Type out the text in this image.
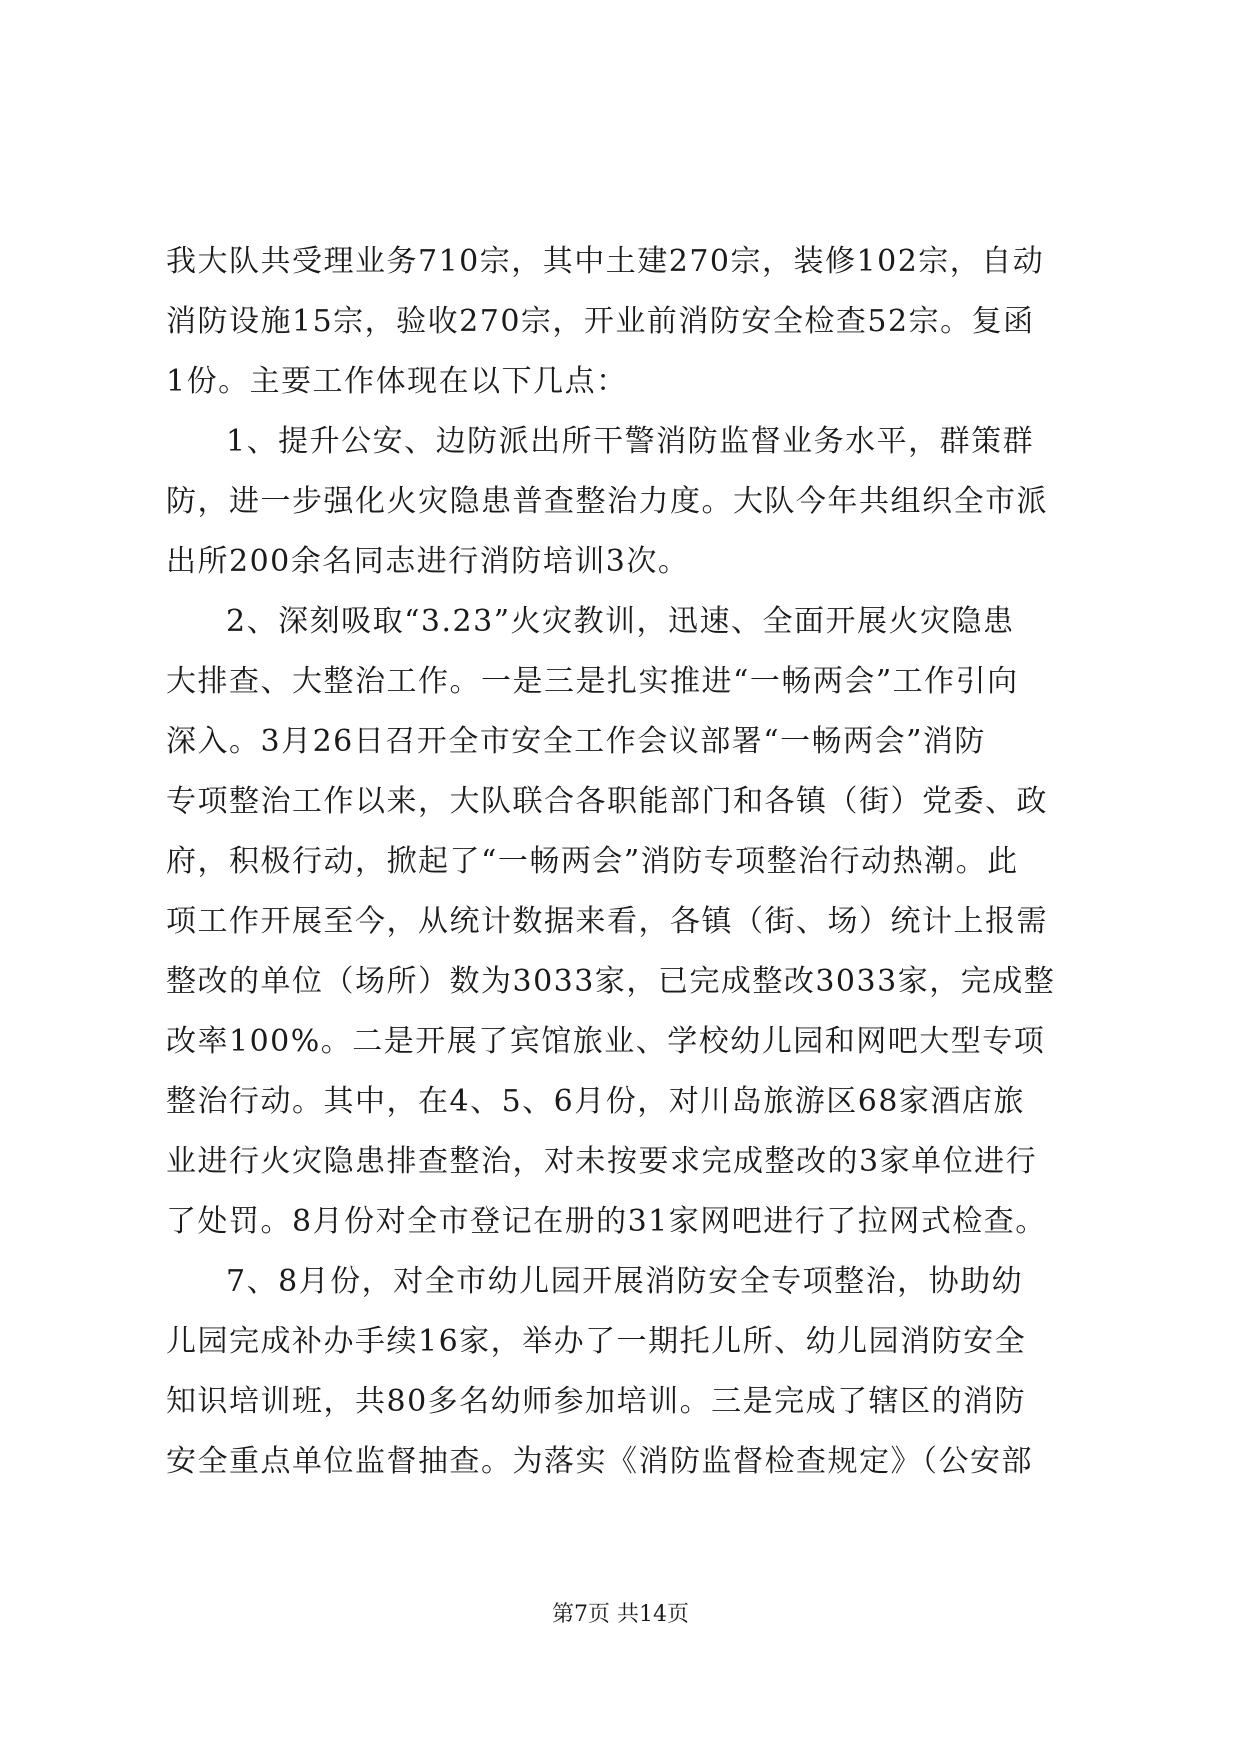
我大队共受理业务710宗，其中土建270宗，装修102宗，自动
消防设施15宗，验收270宗，开业前消防安全检查52宗。复函
1份。主要工作体现在以下几点：
1、提升公安、边防派出所干警消防监督业务水平，群策群
防，进一步强化火灾隐患普查整治力度。大队今年共组织全市派
出所200余名同志进行消防培训3次。
2、深刻吸取“3.23”火灾教训，迅速、全面开展火灾隐患
大排查、大整治工作。一是三是扎实推进“一畅两会”工作引向
深入。3月26日召开全市安全工作会议部署“一畅两会”消防
专项整治工作以来，大队联合各职能部门和各镇（街）党委、政
府，积极行动，掀起了“一畅两会”消防专项整治行动热潮。此
项工作开展至今，从统计数据来看，各镇（街、场）统计上报需
整改的单位（场所）数为3033家，已完成整改3033家，完成整
改率100%。二是开展了宾馆旅业、学校幼儿园和网吧大型专项
整治行动。其中，在4、5、6月份，对川岛旅游区68家酒店旅
业进行火灾隐患排查整治，对未按要求完成整改的3家单位进行
了处罚。8月份对全市登记在册的31家网吧进行了拉网式检查。
7、8月份，对全市幼儿园开展消防安全专项整治，协助幼
儿园完成补办手续16家，举办了一期托儿所、幼儿园消防安全
知识培训班，共80多名幼师参加培训。三是完成了辖区的消防
安全重点单位监督抽查。为落实《消防监督检查规定》（公安部
第7页 共14页
